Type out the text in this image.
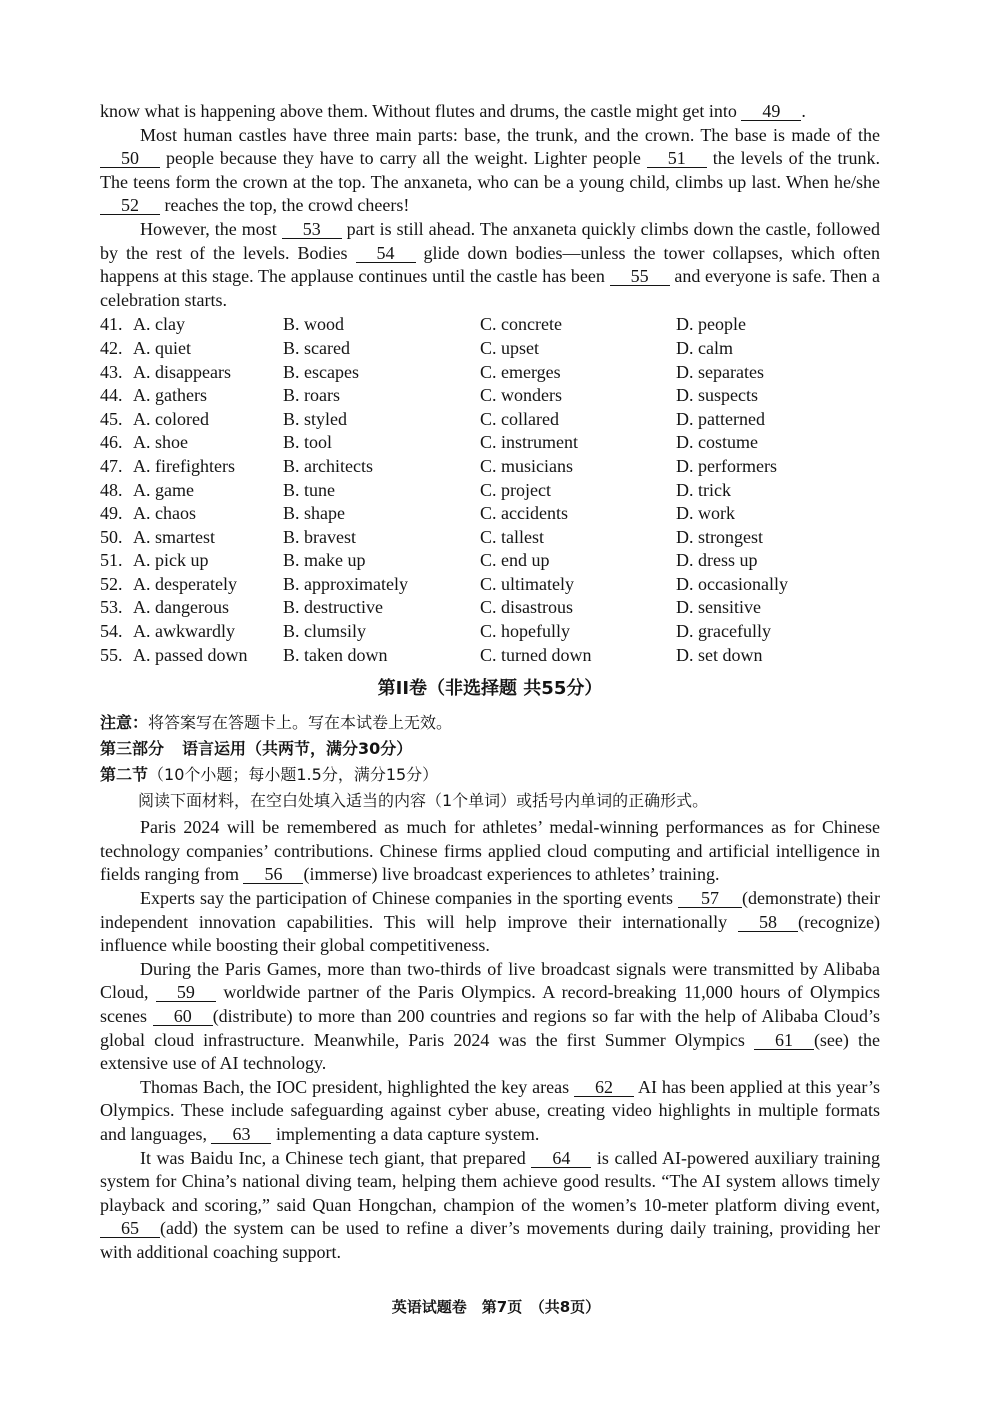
know what is happening above them. Without flutes and drums, the castle might get into 49 .

Most human castles have three main parts: base, the trunk, and the crown. The base is made of the 50 people because they have to carry all the weight. Lighter people 51 the levels of the trunk. The teens form the crown at the top. The anxaneta, who can be a young child, climbs up last. When he/she 52 reaches the top, the crowd cheers!

However, the most 53 part is still ahead. The anxaneta quickly climbs down the castle, followed by the rest of the levels. Bodies 54 glide down bodies—unless the tower collapses, which often happens at this stage. The applause continues until the castle has been 55 and everyone is safe. Then a celebration starts.

41. A. clay	B. wood	C. concrete	D. people
42. A. quiet	B. scared	C. upset	D. calm
43. A. disappears	B. escapes	C. emerges	D. separates
44. A. gathers	B. roars	C. wonders	D. suspects
45. A. colored	B. styled	C. collared	D. patterned
46. A. shoe	B. tool	C. instrument	D. costume
47. A. firefighters	B. architects	C. musicians	D. performers
48. A. game	B. tune	C. project	D. trick
49. A. chaos	B. shape	C. accidents	D. work
50. A. smartest	B. bravest	C. tallest	D. strongest
51. A. pick up	B. make up	C. end up	D. dress up
52. A. desperately	B. approximately	C. ultimately	D. occasionally
53. A. dangerous	B. destructive	C. disastrous	D. sensitive
54. A. awkwardly	B. clumsily	C. hopefully	D. gracefully
55. A. passed down	B. taken down	C. turned down	D. set down
第II卷（非选择题 共55分）

注意：将答案写在答题卡上。写在本试卷上无效。

第三部分 语言运用（共两节，满分30分）

第二节（10个小题；每小题1.5分，满分15分）

阅读下面材料，在空白处填入适当的内容（1个单词）或括号内单词的正确形式。

Paris 2024 will be remembered as much for athletes’ medal-winning performances as for Chinese technology companies’ contributions. Chinese firms applied cloud computing and artificial intelligence in fields ranging from 56 (immerse) live broadcast experiences to athletes’ training.

Experts say the participation of Chinese companies in the sporting events 57 (demonstrate) their independent innovation capabilities. This will help improve their internationally 58 (recognize) influence while boosting their global competitiveness.

During the Paris Games, more than two-thirds of live broadcast signals were transmitted by Alibaba Cloud, 59 worldwide partner of the Paris Olympics. A record-breaking 11,000 hours of Olympics scenes 60 (distribute) to more than 200 countries and regions so far with the help of Alibaba Cloud’s global cloud infrastructure. Meanwhile, Paris 2024 was the first Summer Olympics 61 (see) the extensive use of AI technology.

Thomas Bach, the IOC president, highlighted the key areas 62 AI has been applied at this year’s Olympics. These include safeguarding against cyber abuse, creating video highlights in multiple formats and languages, 63 implementing a data capture system.

It was Baidu Inc, a Chinese tech giant, that prepared 64 is called AI-powered auxiliary training system for China’s national diving team, helping them achieve good results. “The AI system allows timely playback and scoring,” said Quan Hongchan, champion of the women’s 10-meter platform diving event, 65 (add) the system can be used to refine a diver’s movements during daily training, providing her with additional coaching support.

英语试题卷　第7页　（共8页）
